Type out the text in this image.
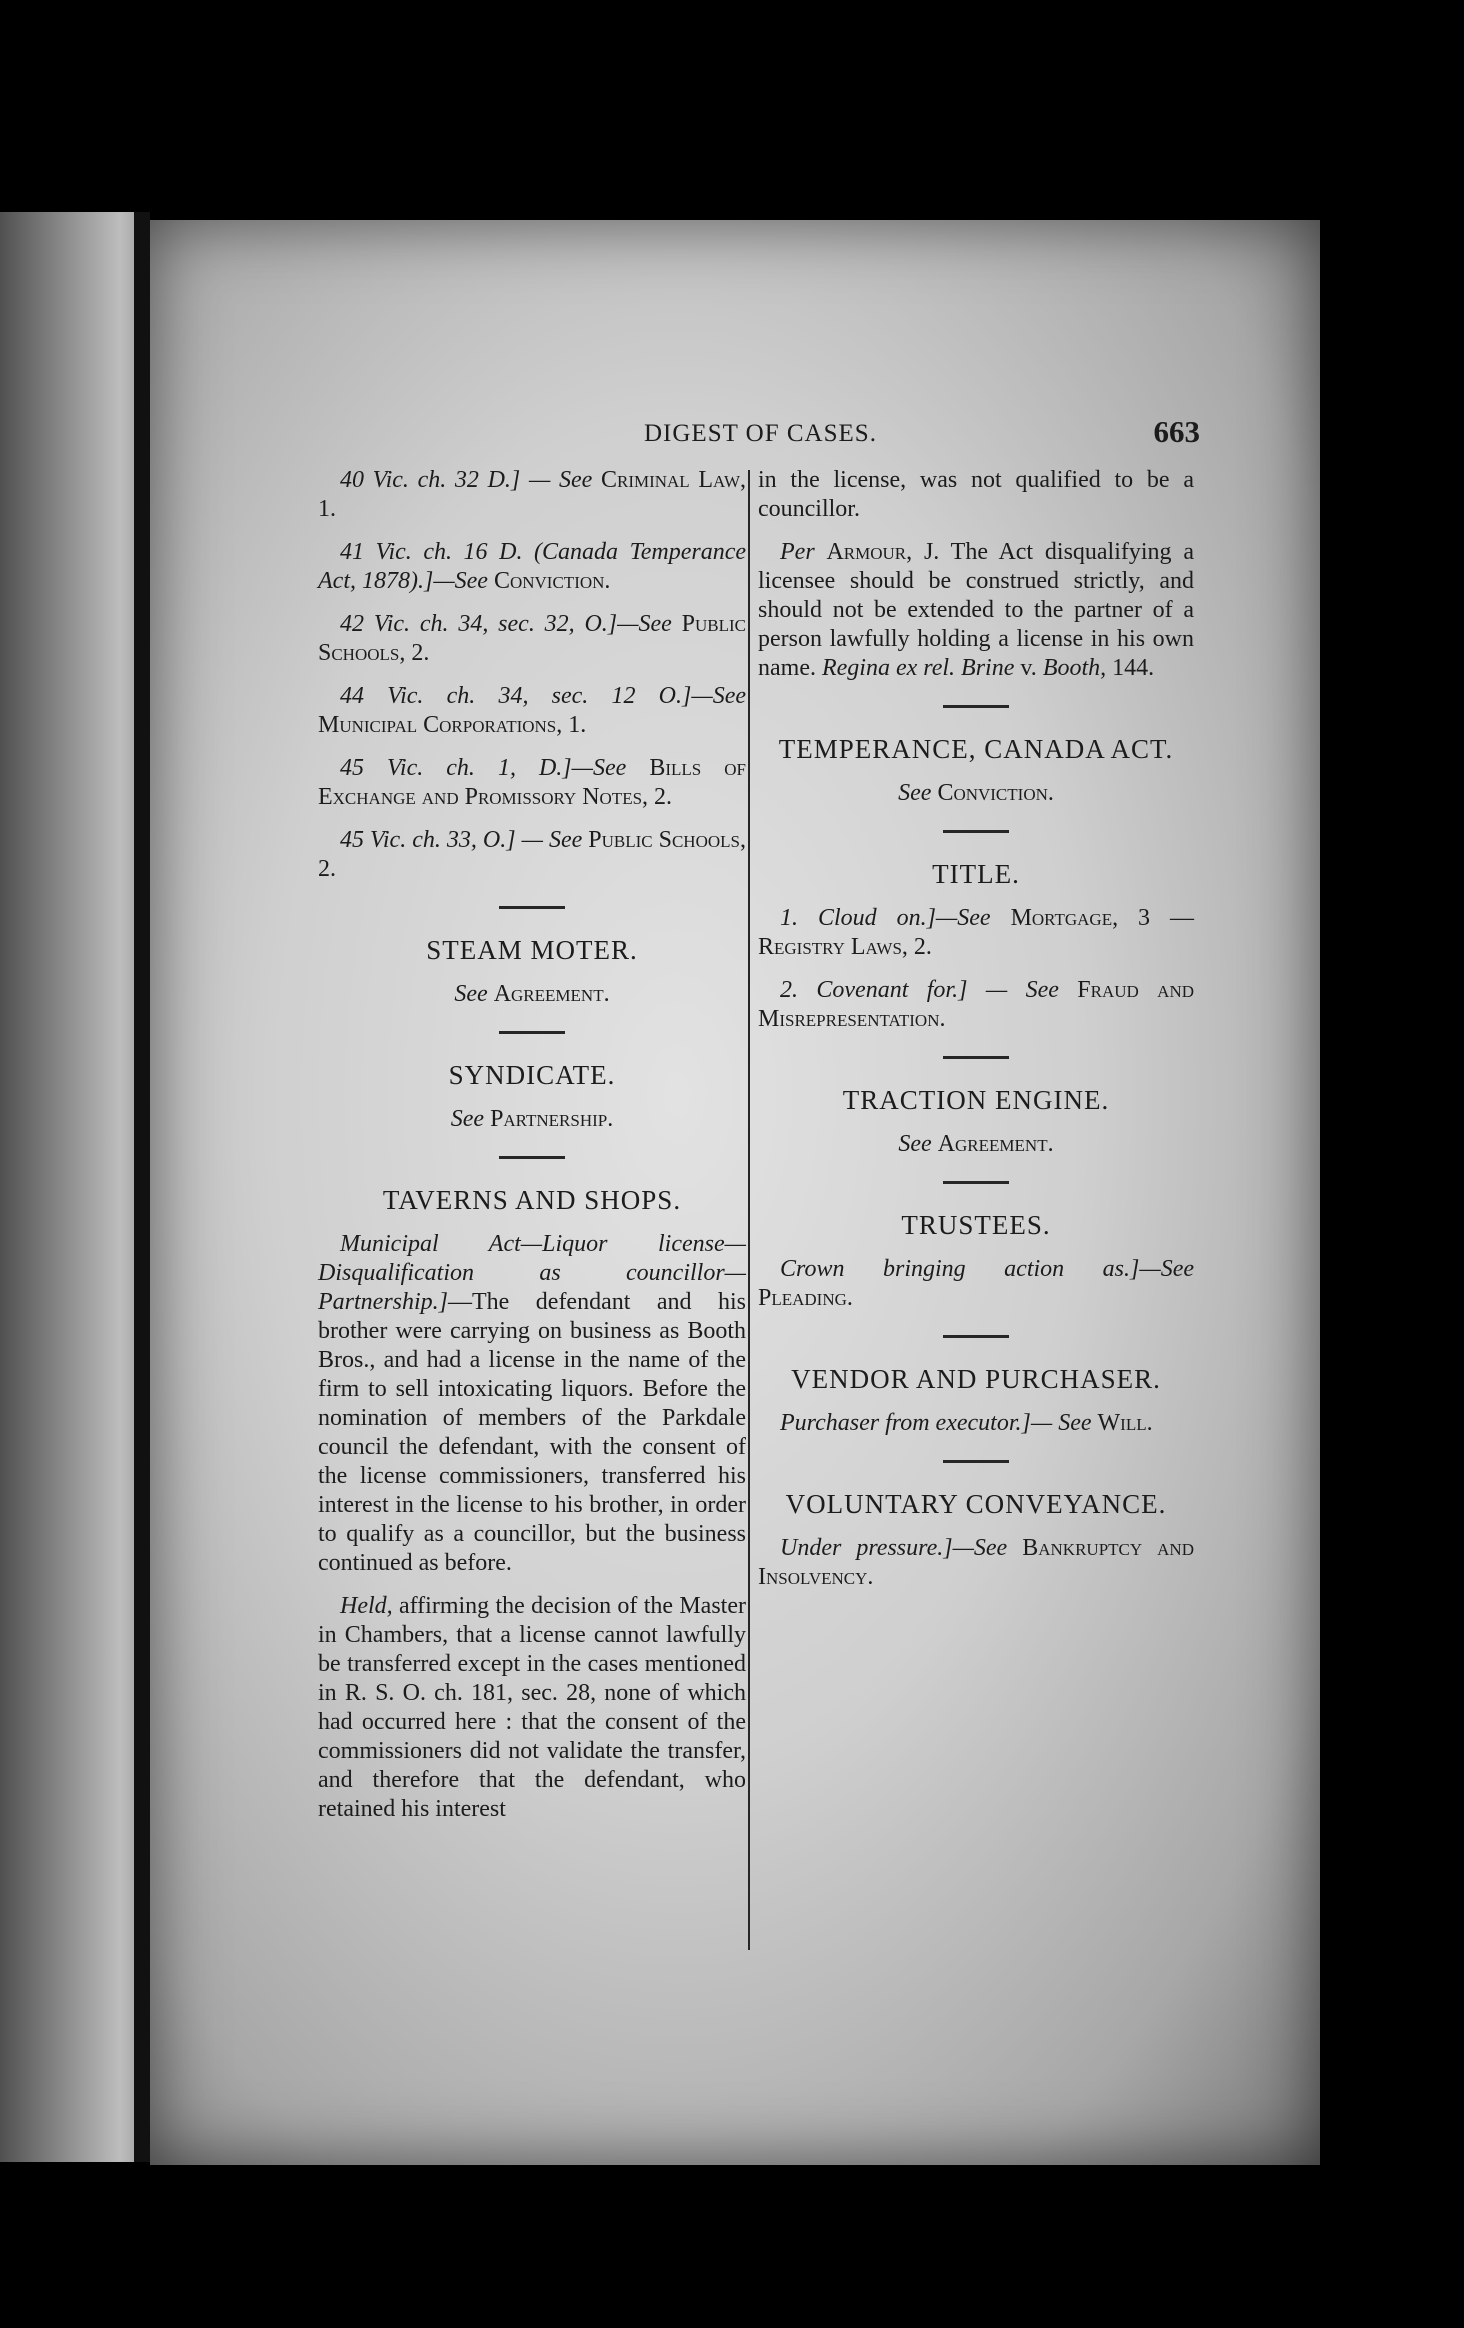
DIGEST OF CASES.	663

40 Vic. ch. 32 D.] — See Criminal Law, 1.

41 Vic. ch. 16 D. (Canada Temperance Act, 1878).]—See Conviction.

42 Vic. ch. 34, sec. 32, O.]—See Public Schools, 2.

44 Vic. ch. 34, sec. 12 O.]—See Municipal Corporations, 1.

45 Vic. ch. 1, D.]—See Bills of Exchange and Promissory Notes, 2.

45 Vic. ch. 33, O.] — See Public Schools, 2.

STEAM MOTER.

See Agreement.

SYNDICATE.

See Partnership.

TAVERNS AND SHOPS.

Municipal Act—Liquor license—Disqualification as councillor—Partnership.]—The defendant and his brother were carrying on business as Booth Bros., and had a license in the name of the firm to sell intoxicating liquors. Before the nomination of members of the Parkdale council the defendant, with the consent of the license commissioners, transferred his interest in the license to his brother, in order to qualify as a councillor, but the business continued as before.

Held, affirming the decision of the Master in Chambers, that a license cannot lawfully be transferred except in the cases mentioned in R. S. O. ch. 181, sec. 28, none of which had occurred here : that the consent of the commissioners did not validate the transfer, and therefore that the defendant, who retained his interest

in the license, was not qualified to be a councillor.

Per Armour, J. The Act disqualifying a licensee should be construed strictly, and should not be extended to the partner of a person lawfully holding a license in his own name. Regina ex rel. Brine v. Booth, 144.

TEMPERANCE, CANADA ACT.

See Conviction.

TITLE.

1. Cloud on.]—See Mortgage, 3 —Registry Laws, 2.

2. Covenant for.] — See Fraud and Misrepresentation.

TRACTION ENGINE.

See Agreement.

TRUSTEES.

Crown bringing action as.]—See Pleading.

VENDOR AND PURCHASER.

Purchaser from executor.]— See Will.

VOLUNTARY CONVEYANCE.

Under pressure.]—See Bankruptcy and Insolvency.
